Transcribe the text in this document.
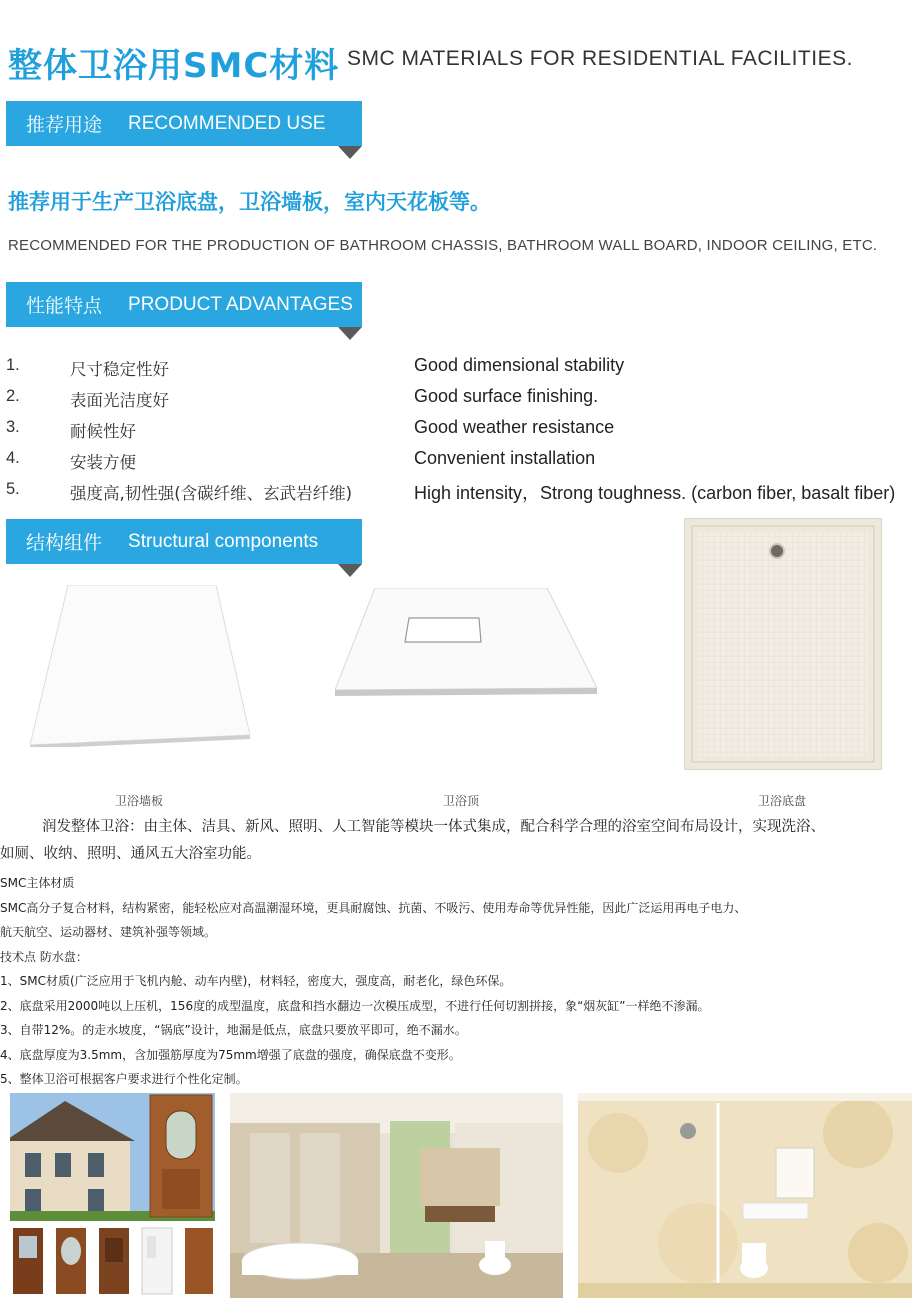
整体卫浴用SMC材料 SMC MATERIALS FOR RESIDENTIAL FACILITIES.
推荐用途 RECOMMENDED USE
推荐用于生产卫浴底盘，卫浴墙板，室内天花板等。
RECOMMENDED FOR THE PRODUCTION OF BATHROOM CHASSIS, BATHROOM WALL BOARD, INDOOR CEILING, ETC.
性能特点 PRODUCT ADVANTAGES
1.	尺寸稳定性好	Good dimensional stability
2.	表面光洁度好	Good surface finishing.
3.	耐候性好	Good weather resistance
4.	安装方便	Convenient installation
5.	强度高,韧性强(含碳纤维、玄武岩纤维)	High intensity，Strong toughness. (carbon fiber, basalt fiber)
结构组件 Structural components
卫浴墙板	卫浴顶	卫浴底盘

润发整体卫浴：由主体、洁具、新风、照明、人工智能等模块一体式集成，配合科学合理的浴室空间布局设计，实现洗浴、

如厕、收纳、照明、通风五大浴室功能。

SMC主体材质

SMC高分子复合材料，结构紧密，能轻松应对高温潮湿环境，更具耐腐蚀、抗菌、不吸污、使用寿命等优异性能，因此广泛运用再电子电力、

航天航空、运动器材、建筑补强等领域。

技术点 防水盘：

1、SMC材质(广泛应用于飞机内舱、动车内壁)，材料轻，密度大，强度高，耐老化，绿色环保。

2、底盘采用2000吨以上压机，156度的成型温度，底盘和挡水翻边一次模压成型，不进行任何切割拼接，象“烟灰缸”一样绝不渗漏。

3、自带12%。的走水坡度，“锅底”设计，地漏是低点，底盘只要放平即可，绝不漏水。

4、底盘厚度为3.5mm，含加强筋厚度为75mm增强了底盘的强度，确保底盘不变形。

5、整体卫浴可根据客户要求进行个性化定制。
